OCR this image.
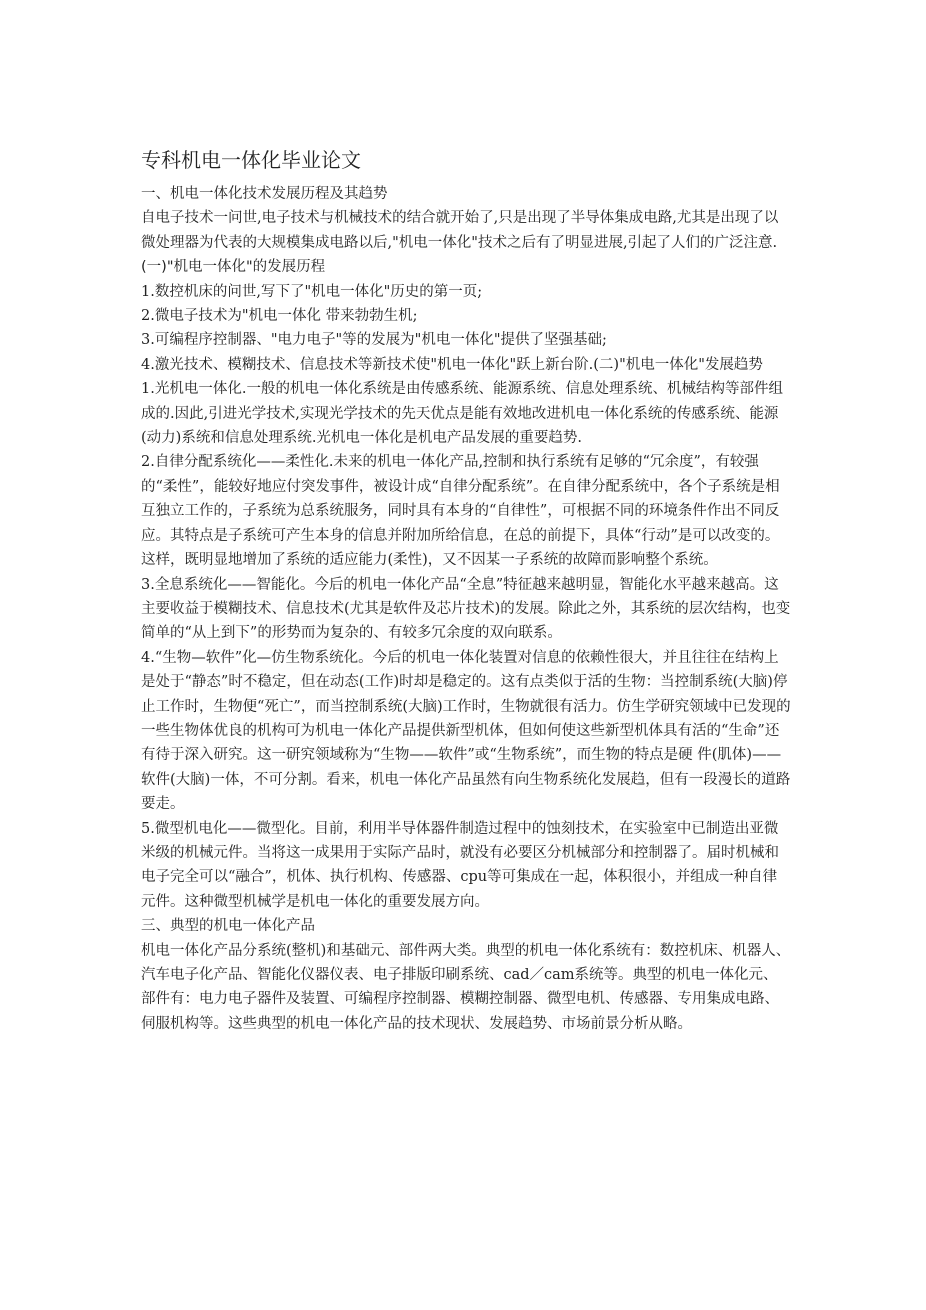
专科机电一体化毕业论文

一、机电一体化技术发展历程及其趋势

自电子技术一问世,电子技术与机械技术的结合就开始了,只是出现了半导体集成电路,尤其是出现了以微处理器为代表的大规模集成电路以后,"机电一体化"技术之后有了明显进展,引起了人们的广泛注意.

(一)"机电一体化"的发展历程

1.数控机床的问世,写下了"机电一体化"历史的第一页;

2.微电子技术为"机电一体化 带来勃勃生机;

3.可编程序控制器、"电力电子"等的发展为"机电一体化"提供了坚强基础;

4.激光技术、模糊技术、信息技术等新技术使"机电一体化"跃上新台阶.(二)"机电一体化"发展趋势

1.光机电一体化.一般的机电一体化系统是由传感系统、能源系统、信息处理系统、机械结构等部件组成的.因此,引进光学技术,实现光学技术的先天优点是能有效地改进机电一体化系统的传感系统、能源(动力)系统和信息处理系统.光机电一体化是机电产品发展的重要趋势.

2.自律分配系统化——柔性化.未来的机电一体化产品,控制和执行系统有足够的“冗余度”，有较强的“柔性”，能较好地应付突发事件，被设计成“自律分配系统”。在自律分配系统中，各个子系统是相互独立工作的，子系统为总系统服务，同时具有本身的“自律性”，可根据不同的环境条件作出不同反应。其特点是子系统可产生本身的信息并附加所给信息，在总的前提下，具体“行动”是可以改变的。这样，既明显地增加了系统的适应能力(柔性)，又不因某一子系统的故障而影响整个系统。

3.全息系统化——智能化。今后的机电一体化产品“全息”特征越来越明显，智能化水平越来越高。这主要收益于模糊技术、信息技术(尤其是软件及芯片技术)的发展。除此之外，其系统的层次结构，也变简单的“从上到下”的形势而为复杂的、有较多冗余度的双向联系。

4.“生物—软件”化—仿生物系统化。今后的机电一体化装置对信息的依赖性很大，并且往往在结构上是处于“静态”时不稳定，但在动态(工作)时却是稳定的。这有点类似于活的生物：当控制系统(大脑)停止工作时，生物便“死亡”，而当控制系统(大脑)工作时，生物就很有活力。仿生学研究领域中已发现的一些生物体优良的机构可为机电一体化产品提供新型机体，但如何使这些新型机体具有活的“生命”还有待于深入研究。这一研究领域称为“生物——软件”或“生物系统”，而生物的特点是硬 件(肌体)——软件(大脑)一体，不可分割。看来，机电一体化产品虽然有向生物系统化发展趋，但有一段漫长的道路要走。

5.微型机电化——微型化。目前，利用半导体器件制造过程中的蚀刻技术，在实验室中已制造出亚微米级的机械元件。当将这一成果用于实际产品时，就没有必要区分机械部分和控制器了。届时机械和电子完全可以“融合”，机体、执行机构、传感器、cpu等可集成在一起，体积很小，并组成一种自律元件。这种微型机械学是机电一体化的重要发展方向。

三、典型的机电一体化产品

机电一体化产品分系统(整机)和基础元、部件两大类。典型的机电一体化系统有：数控机床、机器人、汽车电子化产品、智能化仪器仪表、电子排版印刷系统、cad／cam系统等。典型的机电一体化元、部件有：电力电子器件及装置、可编程序控制器、模糊控制器、微型电机、传感器、专用集成电路、伺服机构等。这些典型的机电一体化产品的技术现状、发展趋势、市场前景分析从略。
